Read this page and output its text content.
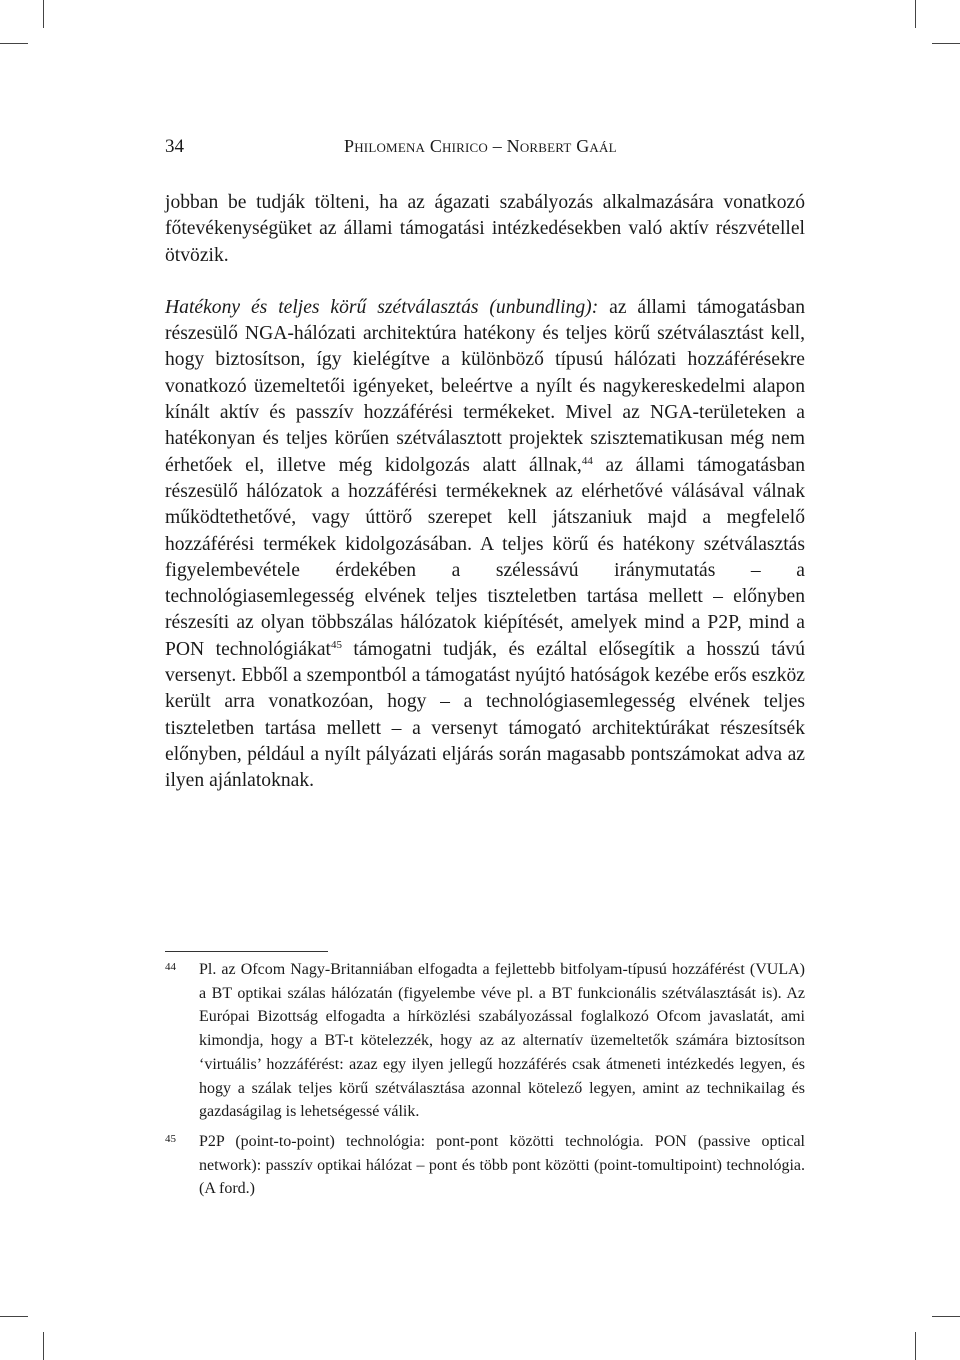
34	Philomena Chirico – Norbert Gaál

jobban be tudják tölteni, ha az ágazati szabályozás alkalmazására vonatkozó főtevékenységüket az állami támogatási intézkedésekben való aktív részvétellel ötvözik.

Hatékony és teljes körű szétválasztás (unbundling): az állami támogatásban részesülő NGA-hálózati architektúra hatékony és teljes körű szétválasztást kell, hogy biztosítson, így kielégítve a különböző típusú hálózati hozzáférésekre vonatkozó üzemeltetői igényeket, beleértve a nyílt és nagykereskedelmi alapon kínált aktív és passzív hozzáférési termékeket. Mivel az NGA-területeken a hatékonyan és teljes körűen szétválasztott projektek szisztematikusan még nem érhetőek el, illetve még kidolgozás alatt állnak,$^{44}$ az állami támogatásban részesülő hálózatok a hozzáférési termékeknek az elérhetővé válásával válnak működtethetővé, vagy úttörő szerepet kell játszaniuk majd a megfelelő hozzáférési termékek kidolgozásában. A teljes körű és hatékony szétválasztás figyelembevétele érdekében a szélessávú iránymutatás – a technológiasemlegesség elvének teljes tiszteletben tartása mellett – előnyben részesíti az olyan többszálas hálózatok kiépítését, amelyek mind a P2P, mind a PON technológiákat$^{45}$ támogatni tudják, és ezáltal elősegítik a hosszú távú versenyt. Ebből a szempontból a támogatást nyújtó hatóságok kezébe erős eszköz került arra vonatkozóan, hogy – a technológiasemlegesség elvének teljes tiszteletben tartása mellett – a versenyt támogató architektúrákat részesítsék előnyben, például a nyílt pályázati eljárás során magasabb pontszámokat adva az ilyen ajánlatoknak.

44 Pl. az Ofcom Nagy-Britanniában elfogadta a fejlettebb bitfolyam-típusú hozzáférést (VULA) a BT optikai szálas hálózatán (figyelembe véve pl. a BT funkcionális szétválasztását is). Az Európai Bizottság elfogadta a hírközlési szabályozással foglalkozó Ofcom javaslatát, ami kimondja, hogy a BT-t kötelezzék, hogy az az alternatív üzemeltetők számára biztosítson ‘virtuális’ hozzáférést: azaz egy ilyen jellegű hozzáférés csak átmeneti intézkedés legyen, és hogy a szálak teljes körű szétválasztása azonnal kötelező legyen, amint az technikailag és gazdaságilag is lehetségessé válik.

45 P2P (point-to-point) technológia: pont-pont közötti technológia. PON (passive optical network): passzív optikai hálózat – pont és több pont közötti (point-tomultipoint) technológia. (A ford.)
